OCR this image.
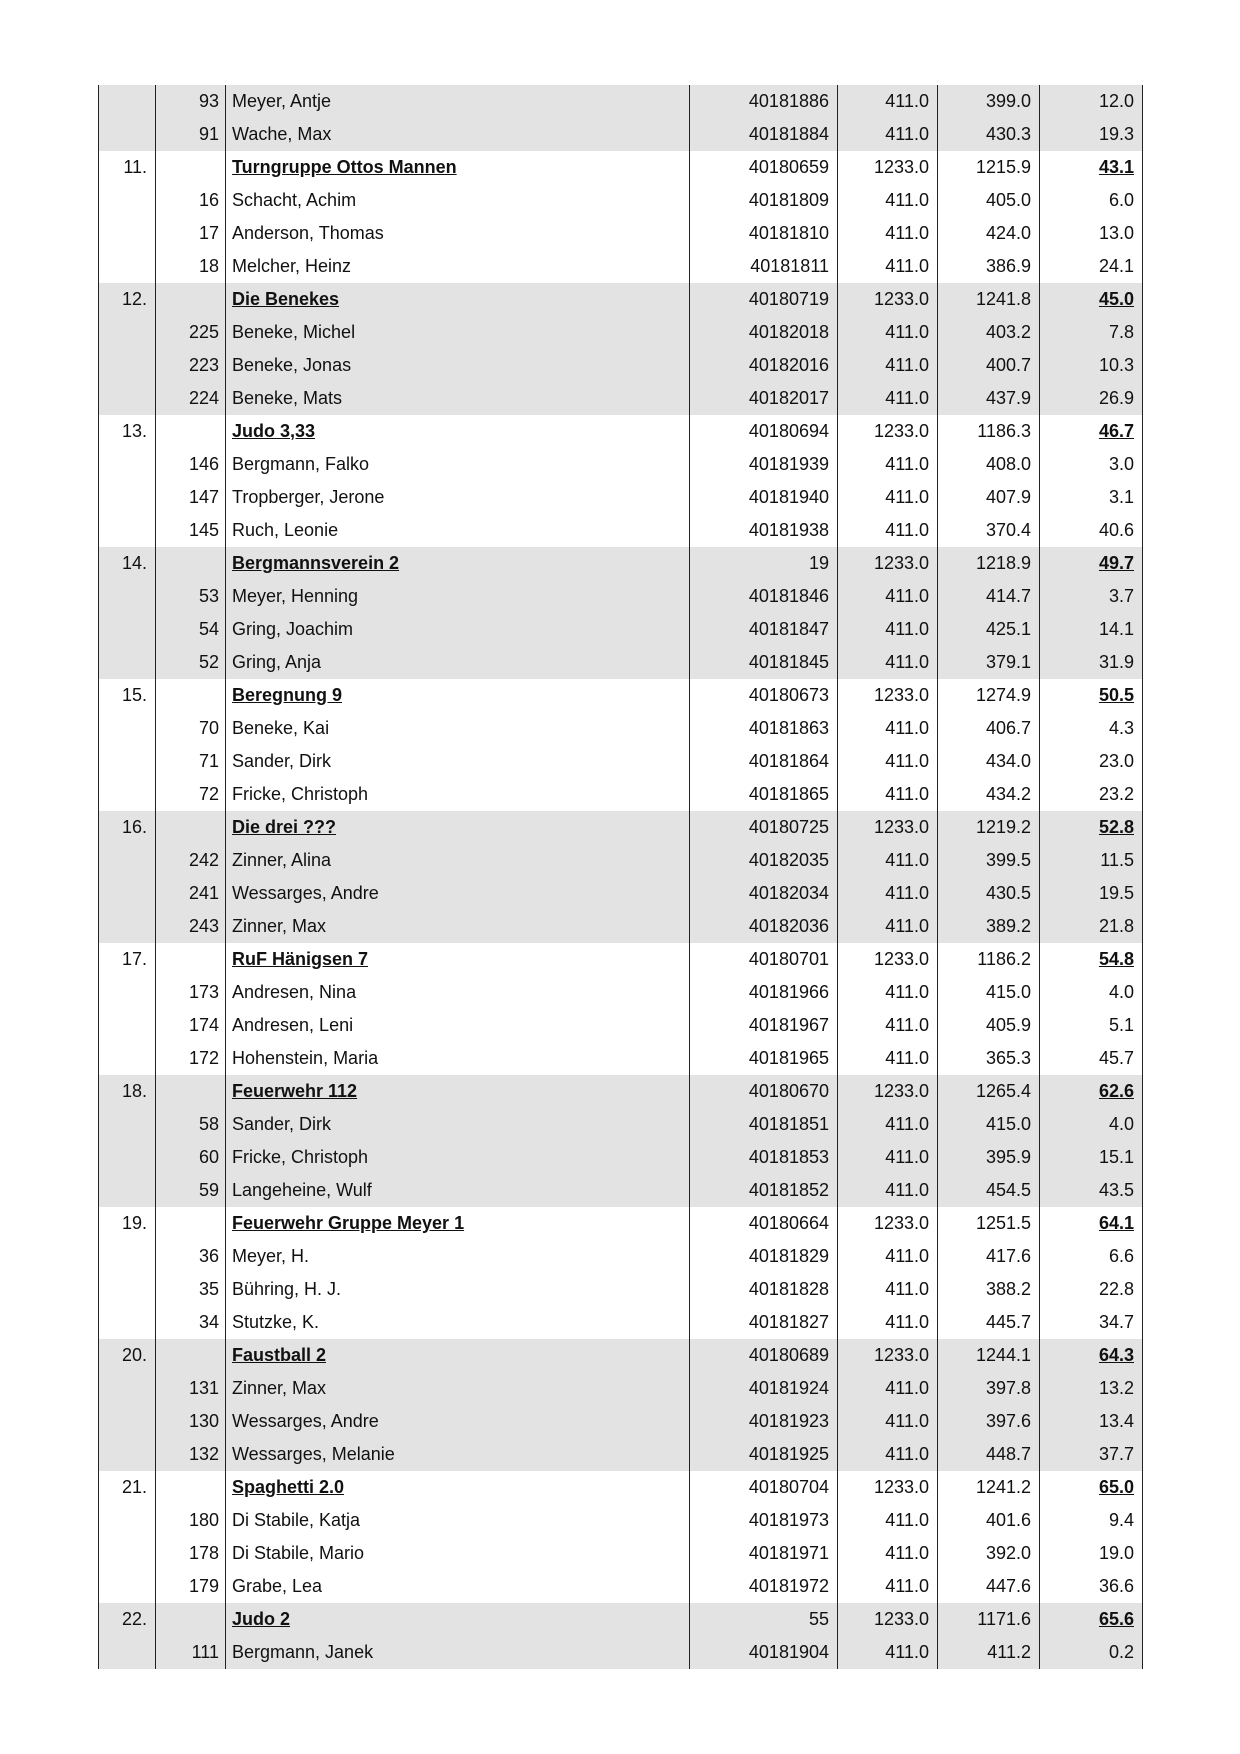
	93	Meyer, Antje	40181886	411.0	399.0	12.0
	91	Wache, Max	40181884	411.0	430.3	19.3
11.		Turngruppe Ottos Mannen	40180659	1233.0	1215.9	43.1
	16	Schacht, Achim	40181809	411.0	405.0	6.0
	17	Anderson, Thomas	40181810	411.0	424.0	13.0
	18	Melcher, Heinz	40181811	411.0	386.9	24.1
12.		Die Benekes	40180719	1233.0	1241.8	45.0
	225	Beneke, Michel	40182018	411.0	403.2	7.8
	223	Beneke, Jonas	40182016	411.0	400.7	10.3
	224	Beneke, Mats	40182017	411.0	437.9	26.9
13.		Judo 3,33	40180694	1233.0	1186.3	46.7
	146	Bergmann, Falko	40181939	411.0	408.0	3.0
	147	Tropberger, Jerone	40181940	411.0	407.9	3.1
	145	Ruch, Leonie	40181938	411.0	370.4	40.6
14.		Bergmannsverein 2	19	1233.0	1218.9	49.7
	53	Meyer, Henning	40181846	411.0	414.7	3.7
	54	Gring, Joachim	40181847	411.0	425.1	14.1
	52	Gring, Anja	40181845	411.0	379.1	31.9
15.		Beregnung 9	40180673	1233.0	1274.9	50.5
	70	Beneke, Kai	40181863	411.0	406.7	4.3
	71	Sander, Dirk	40181864	411.0	434.0	23.0
	72	Fricke, Christoph	40181865	411.0	434.2	23.2
16.		Die drei ???	40180725	1233.0	1219.2	52.8
	242	Zinner, Alina	40182035	411.0	399.5	11.5
	241	Wessarges, Andre	40182034	411.0	430.5	19.5
	243	Zinner, Max	40182036	411.0	389.2	21.8
17.		RuF Hänigsen 7	40180701	1233.0	1186.2	54.8
	173	Andresen, Nina	40181966	411.0	415.0	4.0
	174	Andresen, Leni	40181967	411.0	405.9	5.1
	172	Hohenstein, Maria	40181965	411.0	365.3	45.7
18.		Feuerwehr 112	40180670	1233.0	1265.4	62.6
	58	Sander, Dirk	40181851	411.0	415.0	4.0
	60	Fricke, Christoph	40181853	411.0	395.9	15.1
	59	Langeheine, Wulf	40181852	411.0	454.5	43.5
19.		Feuerwehr Gruppe Meyer 1	40180664	1233.0	1251.5	64.1
	36	Meyer, H.	40181829	411.0	417.6	6.6
	35	Bühring, H. J.	40181828	411.0	388.2	22.8
	34	Stutzke, K.	40181827	411.0	445.7	34.7
20.		Faustball 2	40180689	1233.0	1244.1	64.3
	131	Zinner, Max	40181924	411.0	397.8	13.2
	130	Wessarges, Andre	40181923	411.0	397.6	13.4
	132	Wessarges, Melanie	40181925	411.0	448.7	37.7
21.		Spaghetti 2.0	40180704	1233.0	1241.2	65.0
	180	Di Stabile, Katja	40181973	411.0	401.6	9.4
	178	Di Stabile, Mario	40181971	411.0	392.0	19.0
	179	Grabe, Lea	40181972	411.0	447.6	36.6
22.		Judo 2	55	1233.0	1171.6	65.6
	111	Bergmann, Janek	40181904	411.0	411.2	0.2
